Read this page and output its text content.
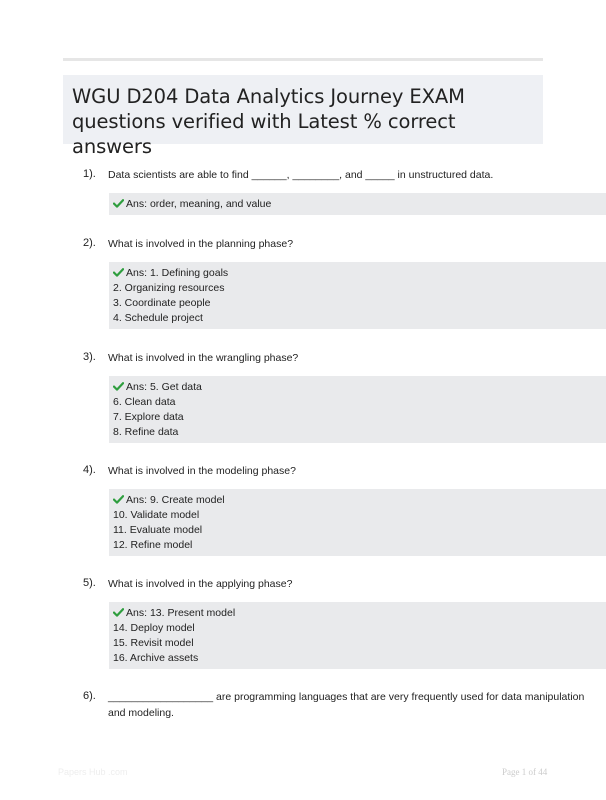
WGU D204 Data Analytics Journey EXAM questions verified with Latest % correct answers
1). Data scientists are able to find ______, ________, and _____ in unstructured data.
Ans: order, meaning, and value
2). What is involved in the planning phase?
Ans: 1. Defining goals
2. Organizing resources
3. Coordinate people
4. Schedule project
3). What is involved in the wrangling phase?
Ans: 5. Get data
6. Clean data
7. Explore data
8. Refine data
4). What is involved in the modeling phase?
Ans: 9. Create model
10. Validate model
11. Evaluate model
12. Refine model
5). What is involved in the applying phase?
Ans: 13. Present model
14. Deploy model
15. Revisit model
16. Archive assets
6). __________________ are programming languages that are very frequently used for data manipulation and modeling.
Papers Hub .com	Page 1 of 44
